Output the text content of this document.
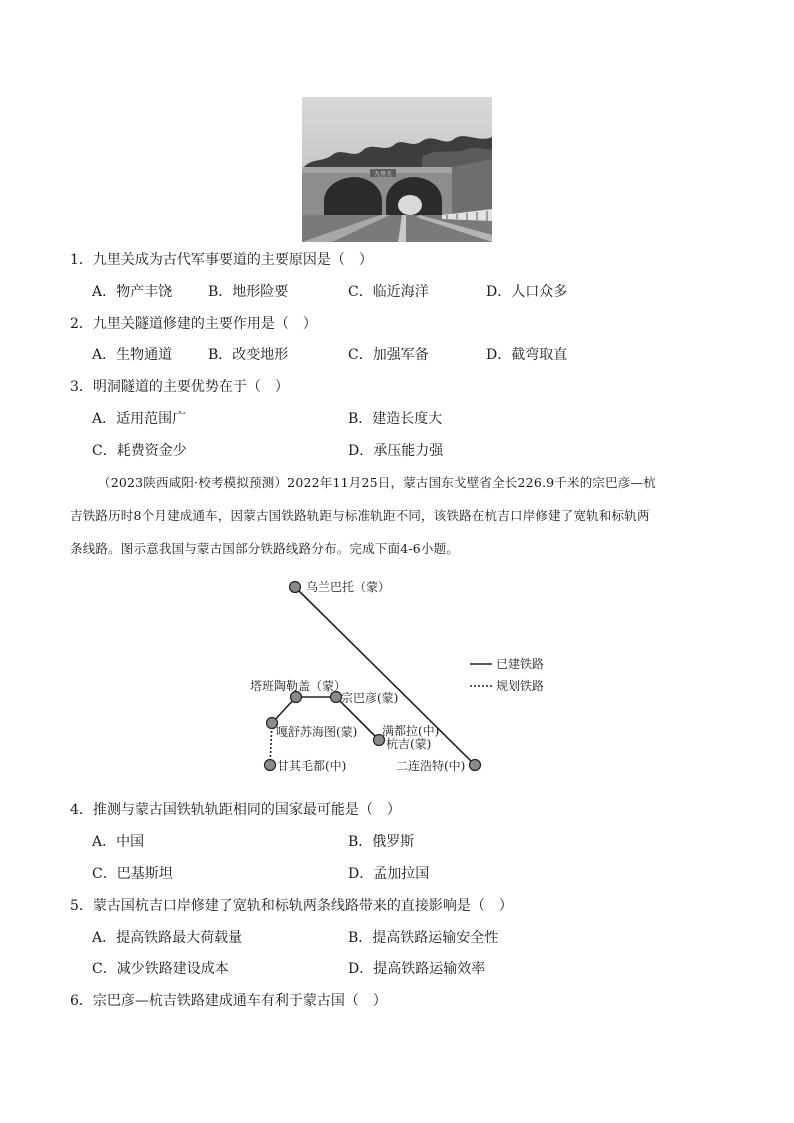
九里关
1．九里关成为古代军事要道的主要原因是（　）
A．物产丰饶	B．地形险要	C．临近海洋	D．人口众多
2．九里关隧道修建的主要作用是（　）
A．生物通道	B．改变地形	C．加强军备	D．截弯取直
3．明洞隧道的主要优势在于（　）
A．适用范围广	B．建造长度大
C．耗费资金少	D．承压能力强
（2023陕西咸阳·校考模拟预测）2022年11月25日，蒙古国东戈壁省全长226.9千米的宗巴彦—杭
吉铁路历时8个月建成通车，因蒙古国铁路轨距与标准轨距不同，该铁路在杭吉口岸修建了宽轨和标轨两
条线路。图示意我国与蒙古国部分铁路线路分布。完成下面4-6小题。
乌兰巴托（蒙）
塔班陶勒盖（蒙）
宗巴彦(蒙)
嘎舒苏海图(蒙) 满都拉(中)
杭吉(蒙)
甘其毛都(中)	二连浩特(中)
已建铁路
规划铁路
4．推测与蒙古国铁轨轨距相同的国家最可能是（　）
A．中国	B．俄罗斯
C．巴基斯坦	D．孟加拉国
5．蒙古国杭吉口岸修建了宽轨和标轨两条线路带来的直接影响是（　）
A．提高铁路最大荷载量	B．提高铁路运输安全性
C．减少铁路建设成本	D．提高铁路运输效率
6．宗巴彦—杭吉铁路建成通车有利于蒙古国（　）
